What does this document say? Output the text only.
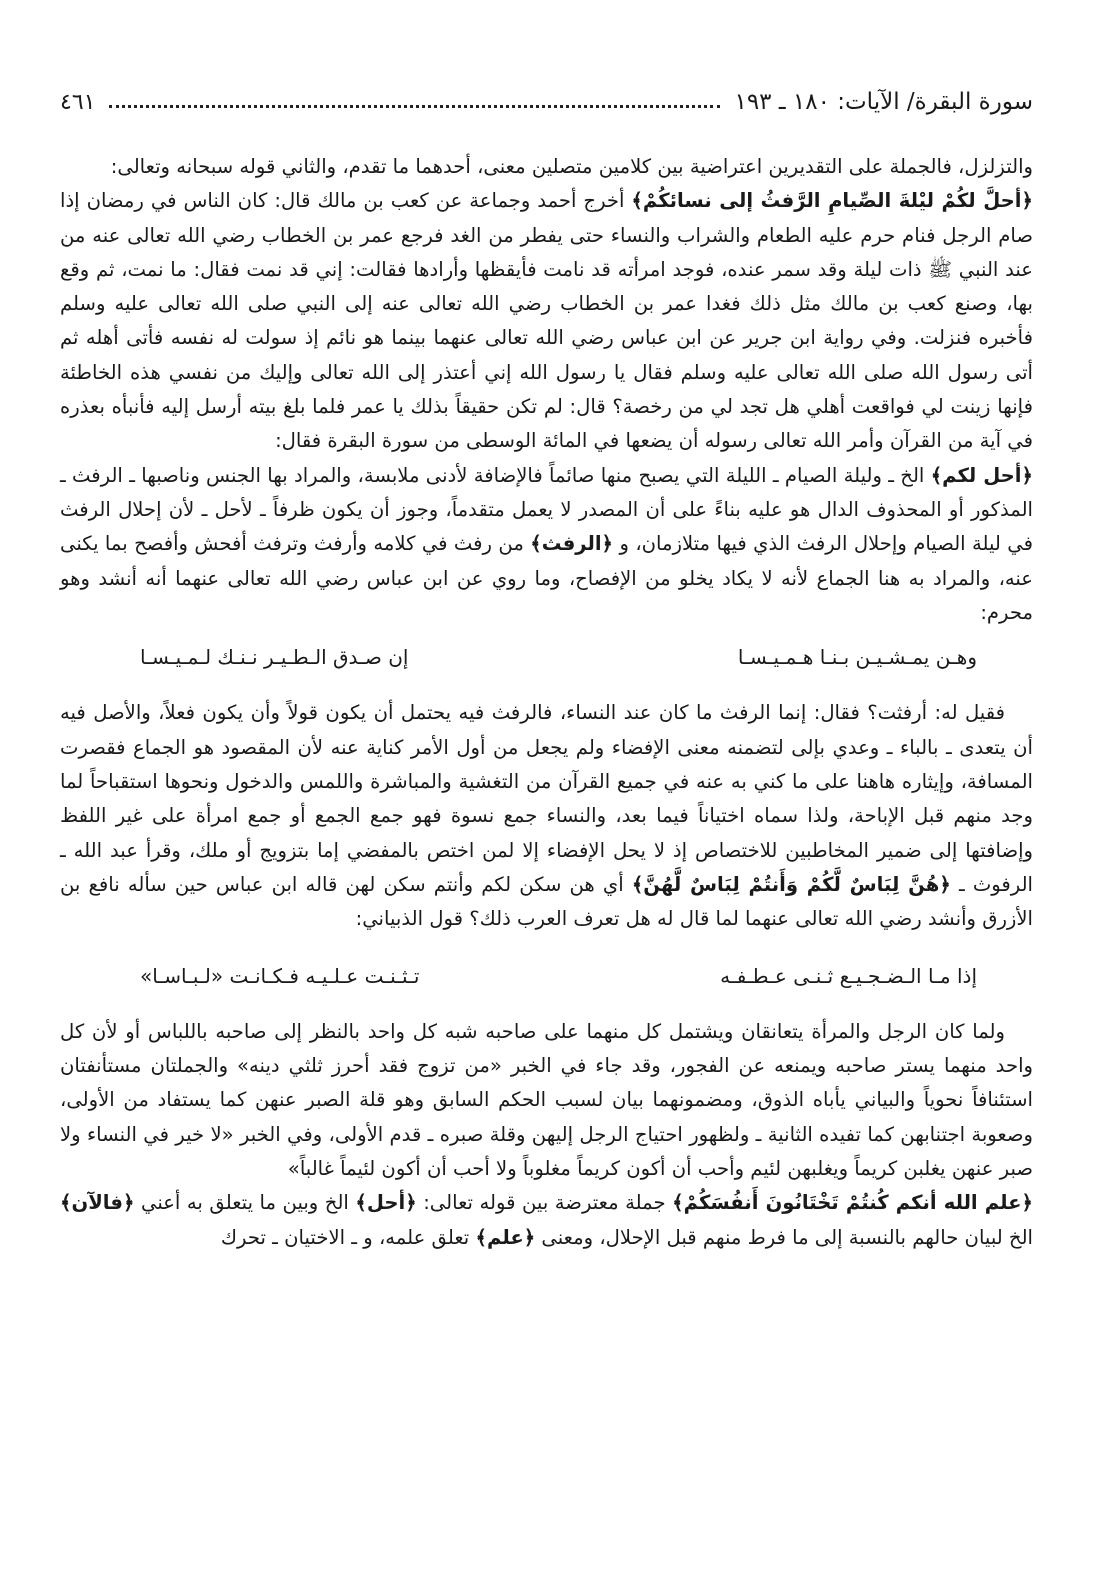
سورة البقرة/ الآيات: ١٨٠ ـ ١٩٣
٤٦١

والتزلزل، فالجملة على التقديرين اعتراضية بين كلامين متصلين معنى، أحدهما ما تقدم، والثاني قوله سبحانه وتعالى:

﴿أحلَّ لكُمْ ليْلةَ الصِّيامِ الرَّفثُ إلى نسائكُمْ﴾ أخرج أحمد وجماعة عن كعب بن مالك قال: كان الناس في رمضان إذا صام الرجل فنام حرم عليه الطعام والشراب والنساء حتى يفطر من الغد فرجع عمر بن الخطاب رضي الله تعالى عنه من عند النبي ﷺ ذات ليلة وقد سمر عنده، فوجد امرأته قد نامت فأيقظها وأرادها فقالت: إني قد نمت فقال: ما نمت، ثم وقع بها، وصنع كعب بن مالك مثل ذلك فغدا عمر بن الخطاب رضي الله تعالى عنه إلى النبي صلى الله تعالى عليه وسلم فأخبره فنزلت. وفي رواية ابن جرير عن ابن عباس رضي الله تعالى عنهما بينما هو نائم إذ سولت له نفسه فأتى أهله ثم أتى رسول الله صلى الله تعالى عليه وسلم فقال يا رسول الله إني أعتذر إلى الله تعالى وإليك من نفسي هذه الخاطئة فإنها زينت لي فواقعت أهلي هل تجد لي من رخصة؟ قال: لم تكن حقيقاً بذلك يا عمر فلما بلغ بيته أرسل إليه فأنبأه بعذره في آية من القرآن وأمر الله تعالى رسوله أن يضعها في المائة الوسطى من سورة البقرة فقال:

﴿أحل لكم﴾ الخ ـ وليلة الصيام ـ الليلة التي يصبح منها صائماً فالإضافة لأدنى ملابسة، والمراد بها الجنس وناصبها ـ الرفث ـ المذكور أو المحذوف الدال هو عليه بناءً على أن المصدر لا يعمل متقدماً، وجوز أن يكون ظرفاً ـ لأحل ـ لأن إحلال الرفث في ليلة الصيام وإحلال الرفث الذي فيها متلازمان، و ﴿الرفث﴾ من رفث في كلامه وأرفث وترفث أفحش وأفصح بما يكنى عنه، والمراد به هنا الجماع لأنه لا يكاد يخلو من الإفصاح، وما روي عن ابن عباس رضي الله تعالى عنهما أنه أنشد وهو محرم:

وهـن يمـشـيـن بـنـا هـمـيـسـا
إن صـدق الـطـيـر نـنـك لـمـيـسـا

فقيل له: أرفثت؟ فقال: إنما الرفث ما كان عند النساء، فالرفث فيه يحتمل أن يكون قولاً وأن يكون فعلاً، والأصل فيه أن يتعدى ـ بالباء ـ وعدي بإلى لتضمنه معنى الإفضاء ولم يجعل من أول الأمر كناية عنه لأن المقصود هو الجماع فقصرت المسافة، وإيثاره هاهنا على ما كني به عنه في جميع القرآن من التغشية والمباشرة واللمس والدخول ونحوها استقباحاً لما وجد منهم قبل الإباحة، ولذا سماه اختياناً فيما بعد، والنساء جمع نسوة فهو جمع الجمع أو جمع امرأة على غير اللفظ وإضافتها إلى ضمير المخاطبين للاختصاص إذ لا يحل الإفضاء إلا لمن اختص بالمفضي إما بتزويج أو ملك، وقرأ عبد الله ـ الرفوث ـ ﴿هُنَّ لِبَاسٌ لَّكُمْ وَأَنتُمْ لِبَاسٌ لَّهُنَّ﴾ أي هن سكن لكم وأنتم سكن لهن قاله ابن عباس حين سأله نافع بن الأزرق وأنشد رضي الله تعالى عنهما لما قال له هل تعرف العرب ذلك؟ قول الذبياني:

إذا مـا الـضـجـيـع ثـنـى عـطـفـه
تـثـنـت عـلـيـه فـكـانـت «لـبـاسـا»

ولما كان الرجل والمرأة يتعانقان ويشتمل كل منهما على صاحبه شبه كل واحد بالنظر إلى صاحبه باللباس أو لأن كل واحد منهما يستر صاحبه ويمنعه عن الفجور، وقد جاء في الخبر «من تزوج فقد أحرز ثلثي دينه» والجملتان مستأنفتان استئنافاً نحوياً والبياني يأباه الذوق، ومضمونهما بيان لسبب الحكم السابق وهو قلة الصبر عنهن كما يستفاد من الأولى، وصعوبة اجتنابهن كما تفيده الثانية ـ ولظهور احتياج الرجل إليهن وقلة صبره ـ قدم الأولى، وفي الخبر «لا خير في النساء ولا صبر عنهن يغلبن كريماً ويغلبهن لئيم وأحب أن أكون كريماً مغلوباً ولا أحب أن أكون لئيماً غالباً»

﴿علم الله أنكم كُنتُمْ تَخْتَانُونَ أَنفُسَكُمْ﴾ جملة معترضة بين قوله تعالى: ﴿أحل﴾ الخ وبين ما يتعلق به أعني ﴿فالآن﴾ الخ لبيان حالهم بالنسبة إلى ما فرط منهم قبل الإحلال، ومعنى ﴿علم﴾ تعلق علمه، و ـ الاختيان ـ تحرك
